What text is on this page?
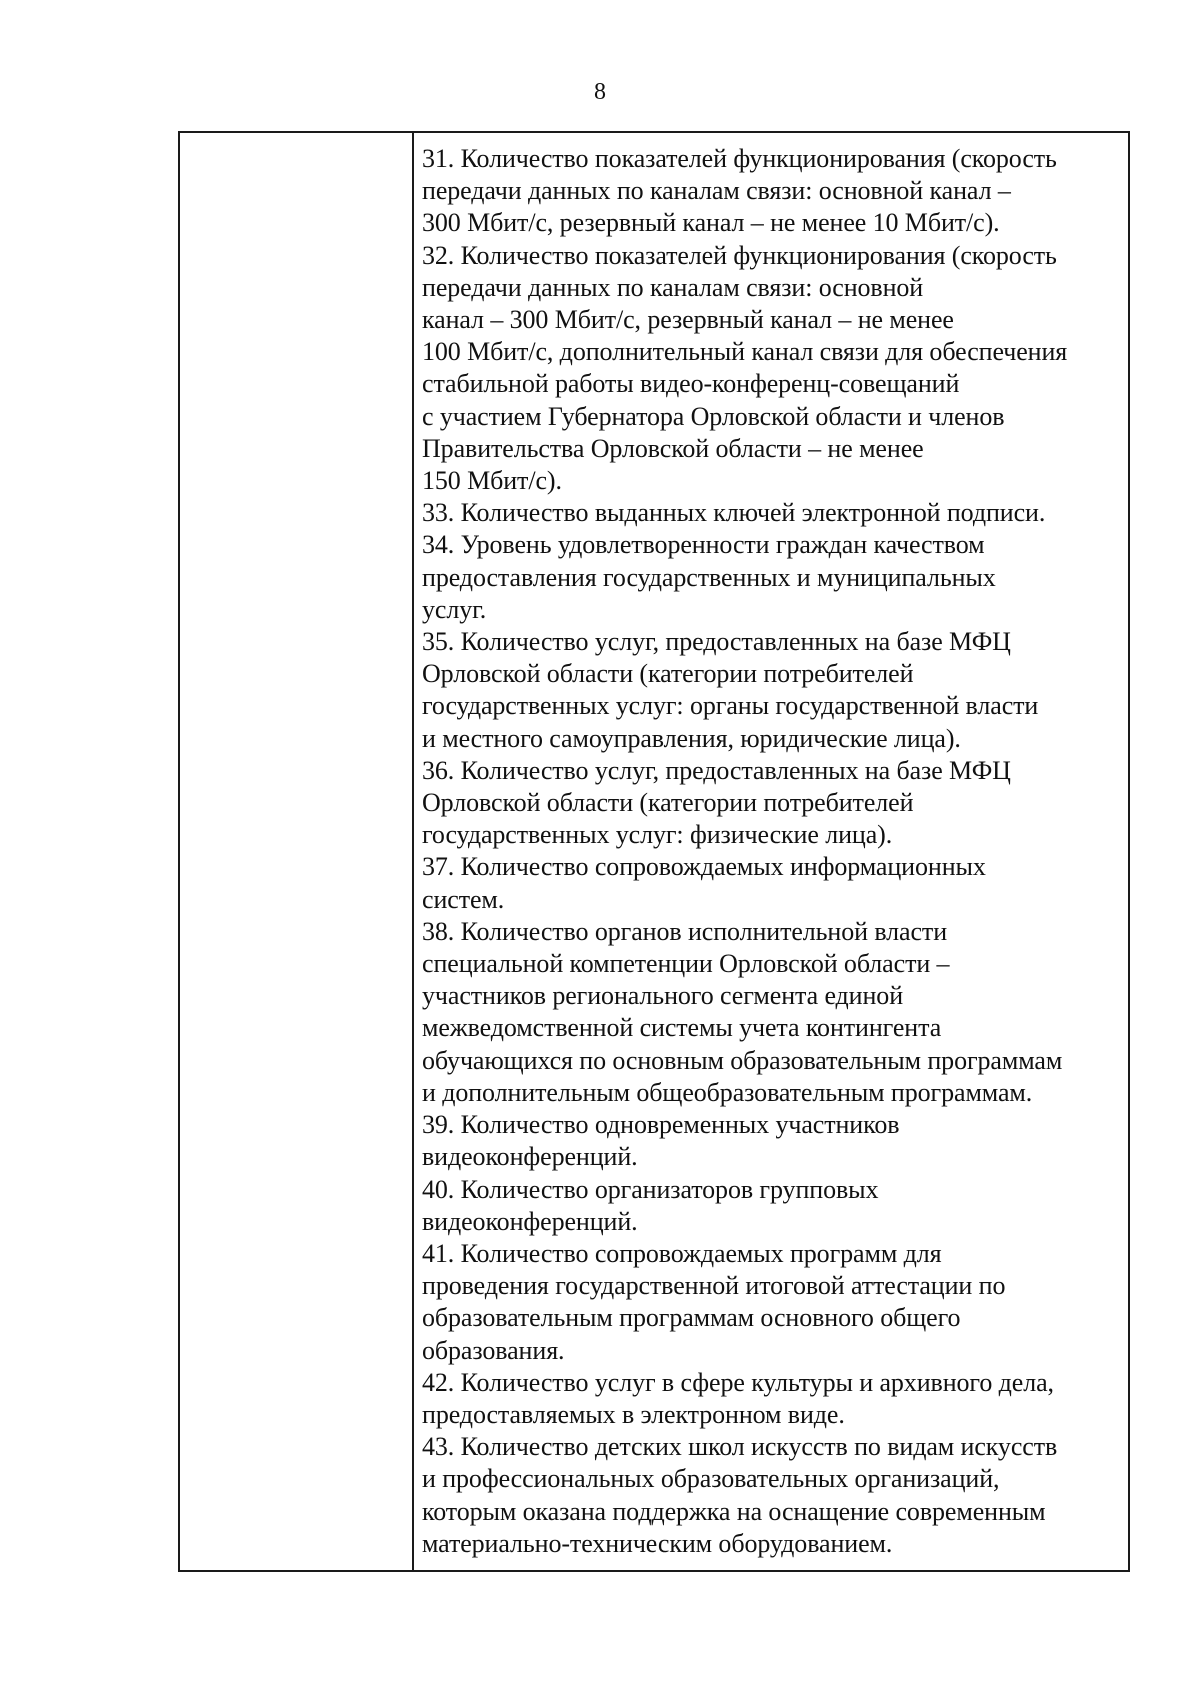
8
31. Количество показателей функционирования (скорость
передачи данных по каналам связи: основной канал –
300 Мбит/с, резервный канал – не менее 10 Мбит/с).
32. Количество показателей функционирования (скорость
передачи данных по каналам связи: основной
канал – 300 Мбит/с, резервный канал – не менее
100 Мбит/с, дополнительный канал связи для обеспечения
стабильной работы видео-конференц-совещаний
с участием Губернатора Орловской области и членов
Правительства Орловской области – не менее
150 Мбит/с).
33. Количество выданных ключей электронной подписи.
34. Уровень удовлетворенности граждан качеством
предоставления государственных и муниципальных
услуг.
35. Количество услуг, предоставленных на базе МФЦ
Орловской области (категории потребителей
государственных услуг: органы государственной власти
и местного самоуправления, юридические лица).
36. Количество услуг, предоставленных на базе МФЦ
Орловской области (категории потребителей
государственных услуг: физические лица).
37. Количество сопровождаемых информационных
систем.
38. Количество органов исполнительной власти
специальной компетенции Орловской области –
участников регионального сегмента единой
межведомственной системы учета контингента
обучающихся по основным образовательным программам
и дополнительным общеобразовательным программам.
39. Количество одновременных участников
видеоконференций.
40. Количество организаторов групповых
видеоконференций.
41. Количество сопровождаемых программ для
проведения государственной итоговой аттестации по
образовательным программам основного общего
образования.
42. Количество услуг в сфере культуры и архивного дела,
предоставляемых в электронном виде.
43. Количество детских школ искусств по видам искусств
и профессиональных образовательных организаций,
которым оказана поддержка на оснащение современным
материально-техническим оборудованием.
